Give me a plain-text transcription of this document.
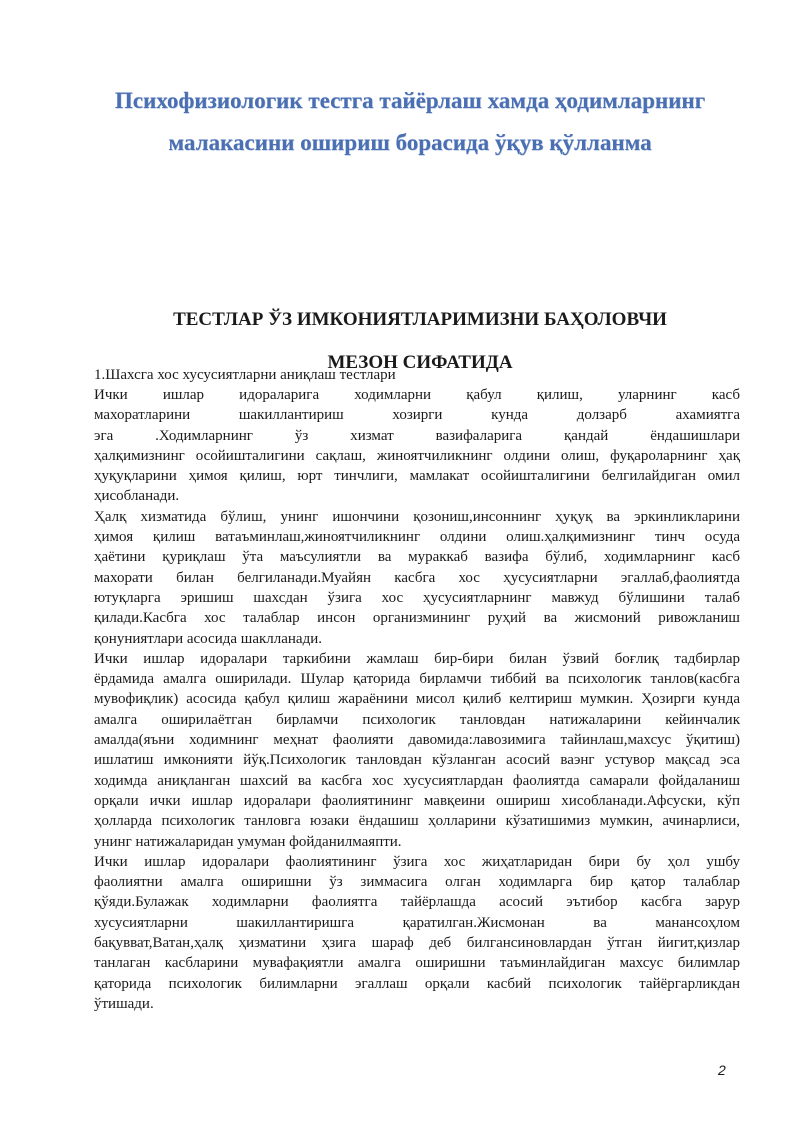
Психофизиологик тестга тайёрлаш хамда ҳодимларнинг
малакасини ошириш борасида ўқув қўлланма
ТЕСТЛАР ЎЗ ИМКОНИЯТЛАРИМИЗНИ БАҲОЛОВЧИ
МЕЗОН СИФАТИДА

1.Шахсга хос хусусиятларни аниқлаш тестлари

Ички ишлар идораларига ходимларни қабул қилиш, уларнинг касб
махоратларини шакиллантириш хозирги кунда долзарб ахамиятга
эга .Ходимларнинг ўз хизмат вазифаларига қандай ёндашишлари
ҳалқимизнинг осойишталигини сақлаш, жиноятчиликнинг олдини олиш, фуқароларнинг ҳақ
ҳуқуқларини ҳимоя қилиш, юрт тинчлиги, мамлакат осойишталигини белгилайдиган омил
ҳисобланади.

Ҳалқ хизматида бўлиш, унинг ишончини қозониш,инсоннинг ҳуқуқ ва эркинликларини
ҳимоя қилиш ватаъминлаш,жиноятчиликнинг олдини олиш.ҳалқимизнинг тинч осуда
ҳаётини қуриқлаш ўта маъсулиятли ва мураккаб вазифа бўлиб, ходимларнинг касб
махорати билан белгиланади.Муайян касбга хос ҳусусиятларни эгаллаб,фаолиятда
ютуқларга эришиш шахсдан ўзига хос ҳусусиятларнинг мавжуд бўлишини талаб
қилади.Касбга хос талаблар инсон организмининг руҳий ва жисмоний ривожланиш
қонуниятлари асосида шаклланади.

Ички ишлар идоралари таркибини жамлаш бир-бири билан ўзвий боғлиқ тадбирлар
ёрдамида амалга оширилади. Шулар қаторида бирламчи тиббий ва психологик танлов(касбга
мувофиқлик) асосида қабул қилиш жараёнини мисол қилиб келтириш мумкин. Ҳозирги кунда
амалга оширилаётган бирламчи психологик танловдан натижаларини кейинчалик
амалда(яъни ходимнинг меҳнат фаолияти давомида:лавозимига тайинлаш,махсус ўқитиш)
ишлатиш имконияти йўқ.Психологик танловдан кўзланган асосий ваэнг устувор мақсад эса
ходимда аниқланган шахсий ва касбга хос хусусиятлардан фаолиятда самарали фойдаланиш
орқали ички ишлар идоралари фаолиятининг мавқеини ошириш хисобланади.Афсуски, кўп
ҳолларда психологик танловга юзаки ёндашиш ҳолларини кўзатишимиз мумкин, ачинарлиси,
унинг натижаларидан умуман фойданилмаяпти.

Ички ишлар идоралари фаолиятининг ўзига хос жиҳатларидан бири бу ҳол ушбу
фаолиятни амалга оширишни ўз зиммасига олган ходимларга бир қатор талаблар
қўяди.Булажак ходимларни фаолиятга тайёрлашда асосий эътибор касбга зарур
хусусиятларни шакиллантиришга қаратилган.Жисмонан ва манансоҳлом
бақувват,Ватан,ҳалқ ҳизматини ҳзига шараф деб билгансиновлардан ўтган йигит,қизлар
танлаган касбларини мувафақиятли амалга оширишни таъминлайдиган махсус билимлар
қаторида психологик билимларни эгаллаш орқали касбий психологик тайёргарликдан
ўтишади.

2
